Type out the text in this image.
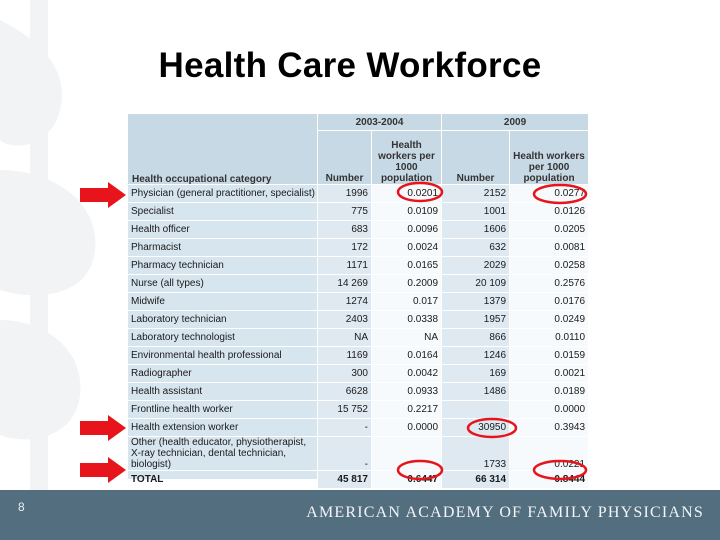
Health Care Workforce
	2003-2004		2009	
	Number	Health workers per 1000 population	Number	Health workers per 1000 population
Physician (general practitioner, specialist)	1996	0.0201	2152	0.0277
Specialist	775	0.0109	1001	0.0126
Health officer	683	0.0096	1606	0.0205
Pharmacist	172	0.0024	632	0.0081
Pharmacy technician	1171	0.0165	2029	0.0258
Nurse (all types)	14 269	0.2009	20 109	0.2576
Midwife	1274	0.017	1379	0.0176
Laboratory technician	2403	0.0338	1957	0.0249
Laboratory technologist	NA	NA	866	0.0110
Environmental health professional	1169	0.0164	1246	0.0159
Radiographer	300	0.0042	169	0.0021
Health assistant	6628	0.0933	1486	0.0189
Frontline health worker	15 752	0.2217		0.0000
Health extension worker	-	0.0000	30950	0.3943
Other (health educator, physiotherapist, X-ray technician, dental technician, biologist)	-	-	1733	0.0221
TOTAL	45 817	0.6447	66 314	0.8444
Health occupational category
8	AMERICAN ACADEMY OF FAMILY PHYSICIANS
